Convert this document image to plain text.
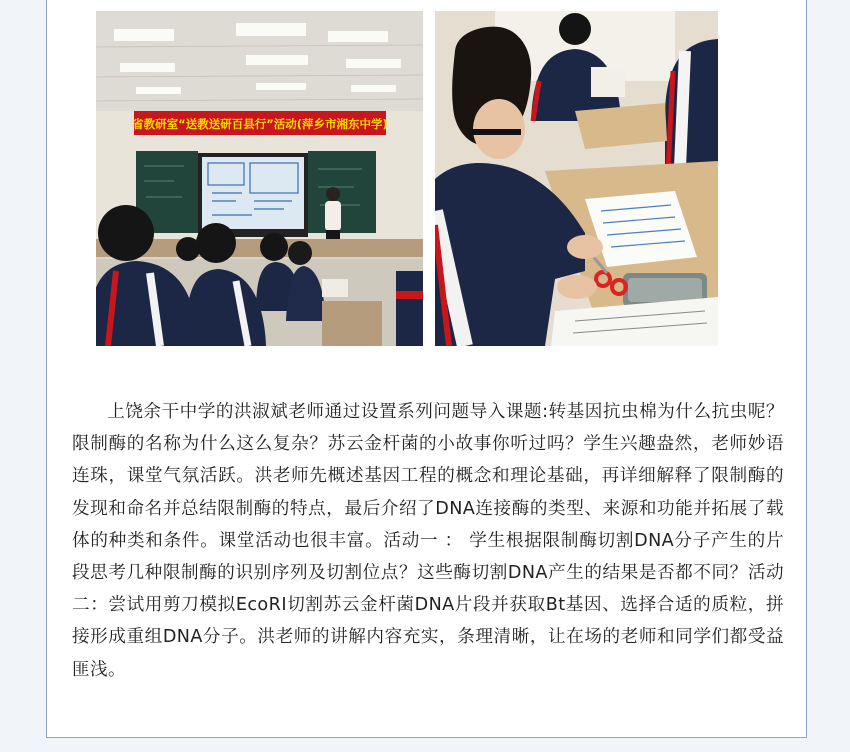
省教研室“送教送研百县行”活动(萍乡市湘东中学)

上饶余干中学的洪淑斌老师通过设置系列问题导入课题:转基因抗虫棉为什么抗虫呢？限制酶的名称为什么这么复杂？苏云金杆菌的小故事你听过吗？学生兴趣盎然，老师妙语连珠，课堂气氛活跃。洪老师先概述基因工程的概念和理论基础，再详细解释了限制酶的发现和命名并总结限制酶的特点，最后介绍了DNA连接酶的类型、来源和功能并拓展了载体的种类和条件。课堂活动也很丰富。活动一 ： 学生根据限制酶切割DNA分子产生的片段思考几种限制酶的识别序列及切割位点？这些酶切割DNA产生的结果是否都不同？活动二：尝试用剪刀模拟EcoRⅠ切割苏云金杆菌DNA片段并获取Bt基因、选择合适的质粒，拼接形成重组DNA分子。洪老师的讲解内容充实，条理清晰，让在场的老师和同学们都受益匪浅。
